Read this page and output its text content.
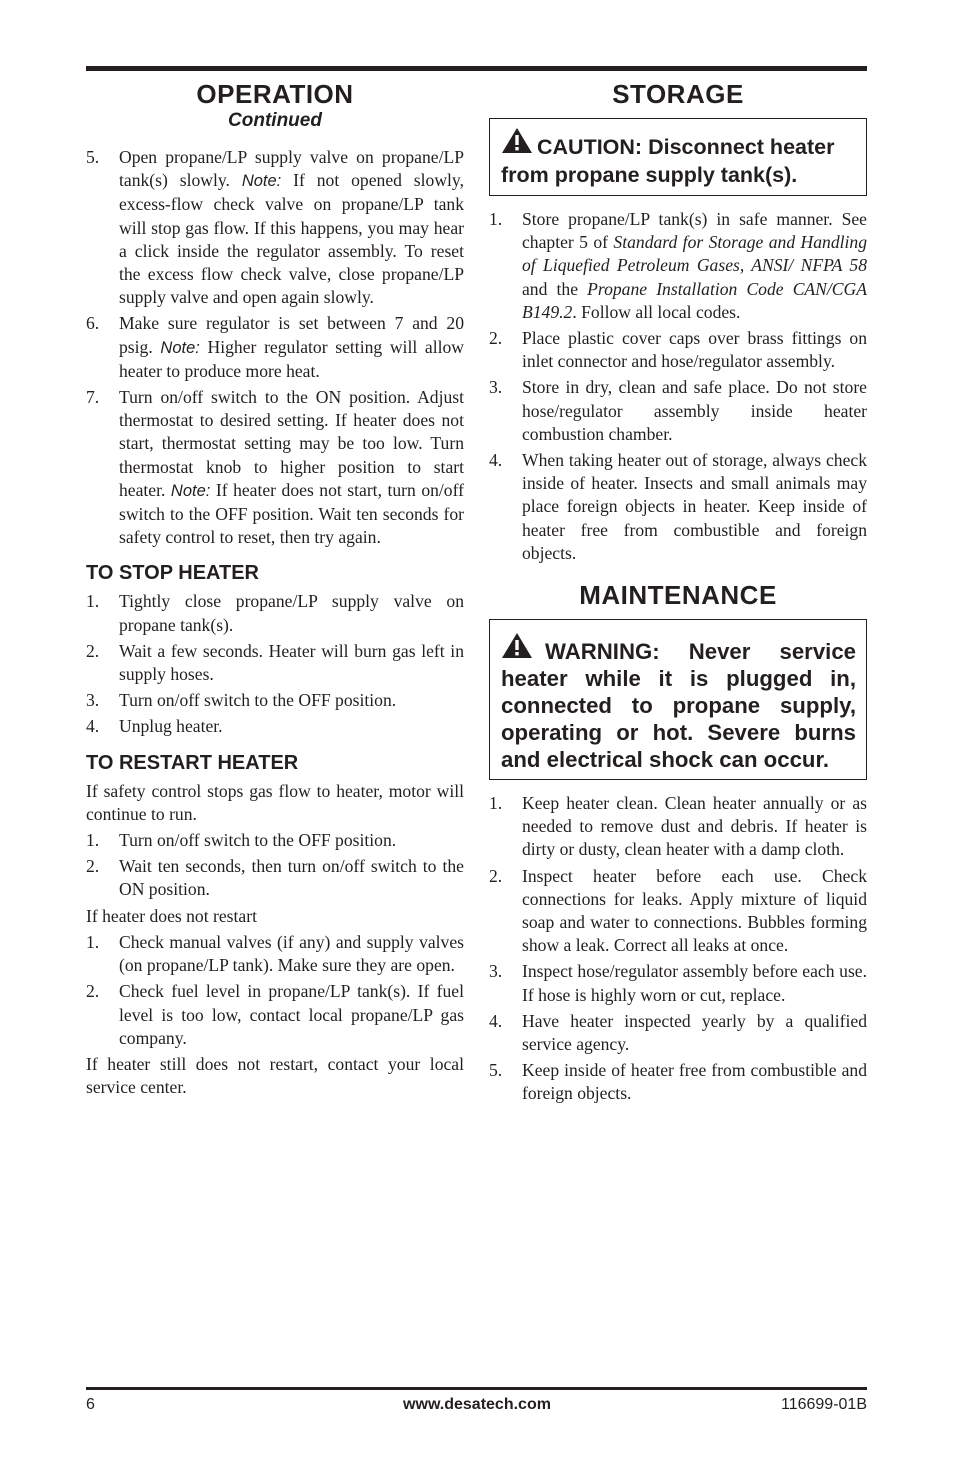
OPERATION
Continued
5.	Open propane/LP supply valve on propane/LP tank(s) slowly. Note: If not opened slowly, excess-flow check valve on propane/LP tank will stop gas flow. If this happens, you may hear a click inside the regulator assembly. To reset the excess flow check valve, close propane/LP supply valve and open again slowly.
6.	Make sure regulator is set between 7 and 20 psig. Note: Higher regulator setting will allow heater to produce more heat.
7.	Turn on/off switch to the ON position. Adjust thermostat to desired setting. If heater does not start, thermostat setting may be too low. Turn thermostat knob to higher position to start heater. Note: If heater does not start, turn on/off switch to the OFF position. Wait ten seconds for safety control to reset, then try again.
TO STOP HEATER
1.	Tightly close propane/LP supply valve on propane tank(s).
2.	Wait a few seconds. Heater will burn gas left in supply hoses.
3.	Turn on/off switch to the OFF position.
4.	Unplug heater.
TO RESTART HEATER

If safety control stops gas flow to heater, motor will continue to run.

1.	Turn on/off switch to the OFF position.
2.	Wait ten seconds, then turn on/off switch to the ON position.

If heater does not restart

1.	Check manual valves (if any) and supply valves (on propane/LP tank). Make sure they are open.
2.	Check fuel level in propane/LP tank(s). If fuel level is too low, contact local propane/LP gas company.

If heater still does not restart, contact your local service center.

STORAGE
CAUTION: Disconnect heater from propane supply tank(s).
1.	Store propane/LP tank(s) in safe manner. See chapter 5 of Standard for Storage and Handling of Liquefied Petroleum Gases, ANSI/ NFPA 58 and the Propane Installation Code CAN/CGA B149.2. Follow all local codes.
2.	Place plastic cover caps over brass fittings on inlet connector and hose/regulator assembly.
3.	Store in dry, clean and safe place. Do not store hose/regulator assembly inside heater combustion chamber.
4.	When taking heater out of storage, always check inside of heater. Insects and small animals may place foreign objects in heater. Keep inside of heater free from combustible and foreign objects.
MAINTENANCE
WARNING: Never service heater while it is plugged in, connected to propane supply, operating or hot. Severe burns and electrical shock can occur.
1.	Keep heater clean. Clean heater annually or as needed to remove dust and debris. If heater is dirty or dusty, clean heater with a damp cloth.
2.	Inspect heater before each use. Check connections for leaks. Apply mixture of liquid soap and water to connections. Bubbles forming show a leak. Correct all leaks at once.
3.	Inspect hose/regulator assembly before each use. If hose is highly worn or cut, replace.
4.	Have heater inspected yearly by a qualified service agency.
5.	Keep inside of heater free from combustible and foreign objects.
6	www.desatech.com	116699-01B
